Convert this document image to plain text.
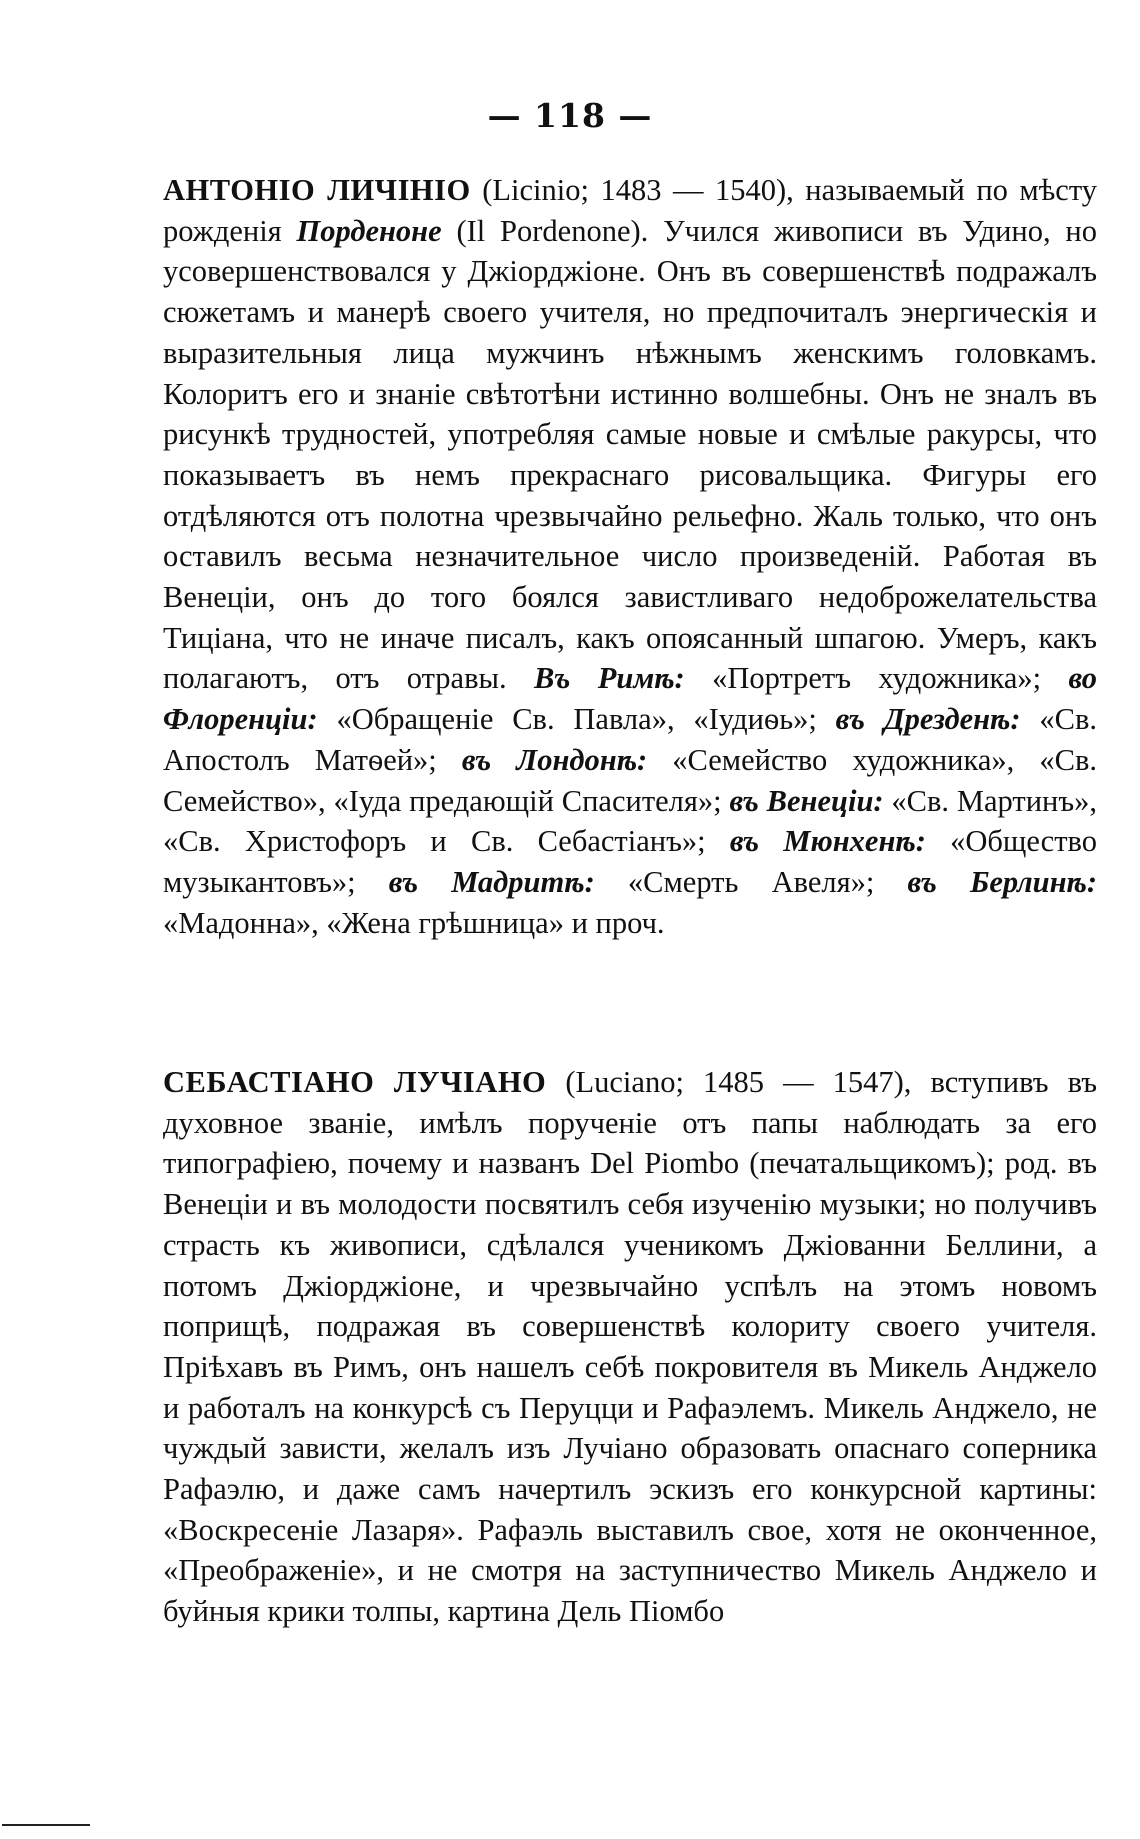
— 118 —

АНТОНІО ЛИЧІНІО (Licinio; 1483 — 1540), называемый по мѣсту рожденія Порденоне (Il Pordenone). Учился живописи въ Удино, но усовершенствовался у Джіорджіоне. Онъ въ совершенствѣ подражалъ сюжетамъ и манерѣ своего учителя, но предпочиталъ энергическія и выразительныя лица мужчинъ нѣжнымъ женскимъ головкамъ. Колоритъ его и знаніе свѣтотѣни истинно волшебны. Онъ не зналъ въ рисункѣ трудностей, употребляя самые новые и смѣлые ракурсы, что показываетъ въ немъ прекраснаго рисовальщика. Фигуры его отдѣляются отъ полотна чрезвычайно рельефно. Жаль только, что онъ оставилъ весьма незначительное число произведеній. Работая въ Венеціи, онъ до того боялся завистливаго недоброжелательства Тиціана, что не иначе писалъ, какъ опоясанный шпагою. Умеръ, какъ полагаютъ, отъ отравы. Въ Римѣ: «Портретъ художника»; во Флоренціи: «Обращеніе Св. Павла», «Іудиѳь»; въ Дрезденѣ: «Св. Апостолъ Матѳей»; въ Лондонѣ: «Семейство художника», «Св. Семейство», «Іуда предающій Спасителя»; въ Венеціи: «Св. Мартинъ», «Св. Христофоръ и Св. Себастіанъ»; въ Мюнхенѣ: «Общество музыкантовъ»; въ Мадритѣ: «Смерть Авеля»; въ Берлинѣ: «Мадонна», «Жена грѣшница» и проч.

СЕБАСТІАНО ЛУЧІАНО (Luciano; 1485 — 1547), вступивъ въ духовное званіе, имѣлъ порученіе отъ папы наблюдать за его типографіею, почему и названъ Del Piombo (печатальщикомъ); род. въ Венеціи и въ молодости посвятилъ себя изученію музыки; но получивъ страсть къ живописи, сдѣлался ученикомъ Джіованни Беллини, а потомъ Джіорджіоне, и чрезвычайно успѣлъ на этомъ новомъ поприщѣ, подражая въ совершенствѣ колориту своего учителя. Пріѣхавъ въ Римъ, онъ нашелъ себѣ покровителя въ Микель Анджело и работалъ на конкурсѣ съ Перуцци и Рафаэлемъ. Микель Анджело, не чуждый зависти, желалъ изъ Лучіано образовать опаснаго соперника Рафаэлю, и даже самъ начертилъ эскизъ его конкурсной картины: «Воскресеніе Лазаря». Рафаэль выставилъ свое, хотя не оконченное, «Преображеніе», и не смотря на заступничество Микель Анджело и буйныя крики толпы, картина Дель Піомбо
